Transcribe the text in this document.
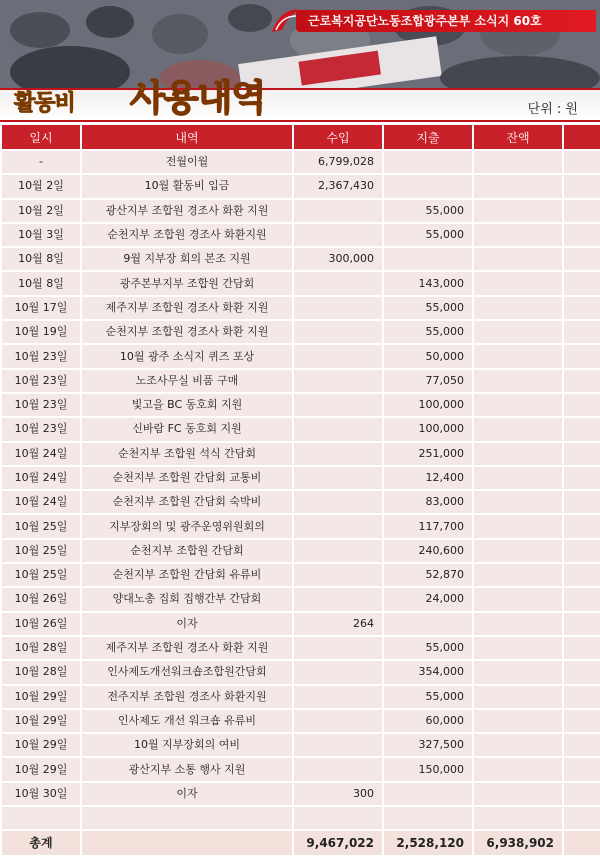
근로복지공단노동조합광주본부 소식지 60호
활동비 사용내역	단위 : 원
일시	내역	수입	지출	잔액	
-	전월이월	6,799,028			
10월 2일	10월 활동비 입금	2,367,430			
10월 2일	광산지부 조합원 경조사 화환 지원		55,000		
10월 3일	순천지부 조합원 경조사 화환지원		55,000		
10월 8일	9월 지부장 회의 본조 지원	300,000			
10월 8일	광주본부지부 조합원 간담회		143,000		
10월 17일	제주지부 조합원 경조사 화환 지원		55,000		
10월 19일	순천지부 조합원 경조사 화환 지원		55,000		
10월 23일	10월 광주 소식지 퀴즈 포상		50,000		
10월 23일	노조사무실 비품 구매		77,050		
10월 23일	빛고을 BC 동호회 지원		100,000		
10월 23일	신바람 FC 동호회 지원		100,000		
10월 24일	순천지부 조합원 석식 간담회		251,000		
10월 24일	순천지부 조합원 간담회 교통비		12,400		
10월 24일	순천지부 조합원 간담회 숙박비		83,000		
10월 25일	지부장회의 및 광주운영위원회의		117,700		
10월 25일	순천지부 조합원 간담회		240,600		
10월 25일	순천지부 조합원 간담회 유류비		52,870		
10월 26일	양대노총 집회 집행간부 간담회		24,000		
10월 26일	이자	264			
10월 28일	제주지부 조합원 경조사 화환 지원		55,000		
10월 28일	인사제도개선워크숍조합원간담회		354,000		
10월 29일	전주지부 조합원 경조사 화환지원		55,000		
10월 29일	인사제도 개선 워크숍 유류비		60,000		
10월 29일	10월 지부장회의 여비		327,500		
10월 29일	광산지부 소통 행사 지원		150,000		
10월 30일	이자	300			

총계		9,467,022	2,528,120	6,938,902	
